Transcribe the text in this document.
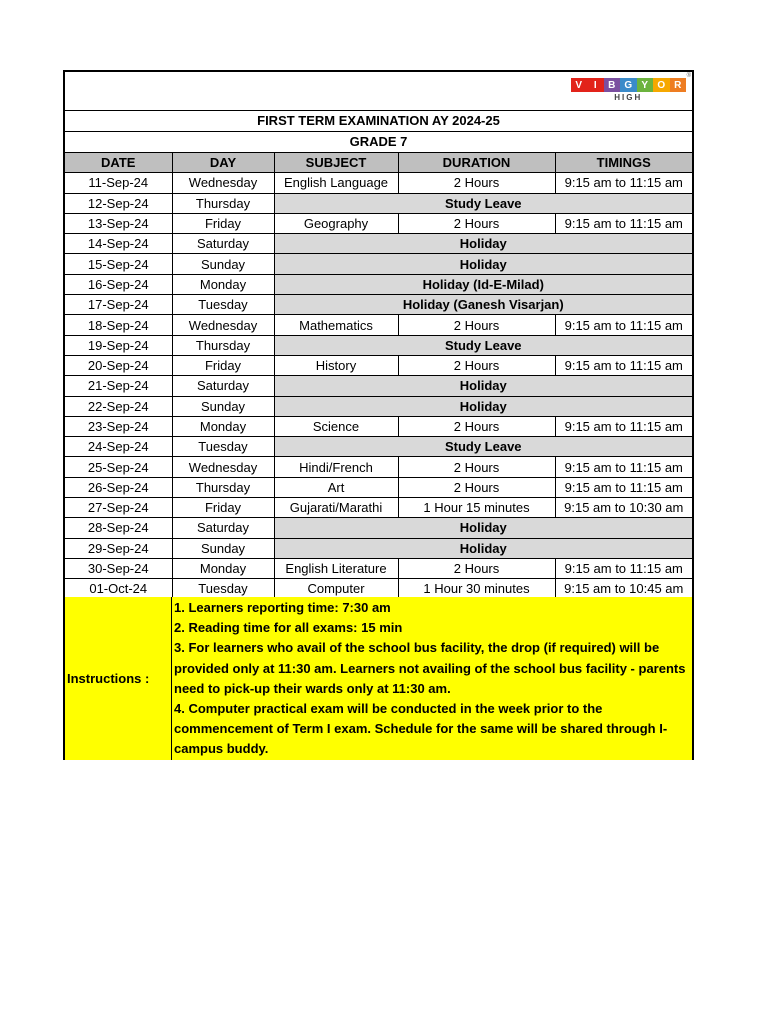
®
V	I	B G Y O R
HIGH
FIRST TERM EXAMINATION AY 2024-25
GRADE 7
DATE	DAY	SUBJECT	DURATION	TIMINGS
11-Sep-24	Wednesday	English Language	2 Hours	9:15 am to 11:15 am
12-Sep-24	Thursday	Study Leave		
13-Sep-24	Friday	Geography	2 Hours	9:15 am to 11:15 am
14-Sep-24	Saturday	Holiday		
15-Sep-24	Sunday	Holiday		
16-Sep-24	Monday	Holiday (Id-E-Milad)		
17-Sep-24	Tuesday	Holiday (Ganesh Visarjan)		
18-Sep-24	Wednesday	Mathematics	2 Hours	9:15 am to 11:15 am
19-Sep-24	Thursday	Study Leave		
20-Sep-24	Friday	History	2 Hours	9:15 am to 11:15 am
21-Sep-24	Saturday	Holiday		
22-Sep-24	Sunday	Holiday		
23-Sep-24	Monday	Science	2 Hours	9:15 am to 11:15 am
24-Sep-24	Tuesday	Study Leave		
25-Sep-24	Wednesday	Hindi/French	2 Hours	9:15 am to 11:15 am
26-Sep-24	Thursday	Art	2 Hours	9:15 am to 11:15 am
27-Sep-24	Friday	Gujarati/Marathi	1 Hour 15 minutes	9:15 am to 10:30 am
28-Sep-24	Saturday	Holiday		
29-Sep-24	Sunday	Holiday		
30-Sep-24	Monday	English Literature	2 Hours	9:15 am to 11:15 am
01-Oct-24	Tuesday	Computer	1 Hour 30 minutes	9:15 am to 10:45 am
Instructions :

1. Learners reporting time: 7:30 am

2. Reading time for all exams: 15 min

3. For learners who avail of the school bus facility, the drop (if required) will be provided only at 11:30 am. Learners not availing of the school bus facility - parents need to pick-up their wards only at 11:30 am.

4. Computer practical exam will be conducted in the week prior to the commencement of Term I exam. Schedule for the same will be shared through I-campus buddy.
